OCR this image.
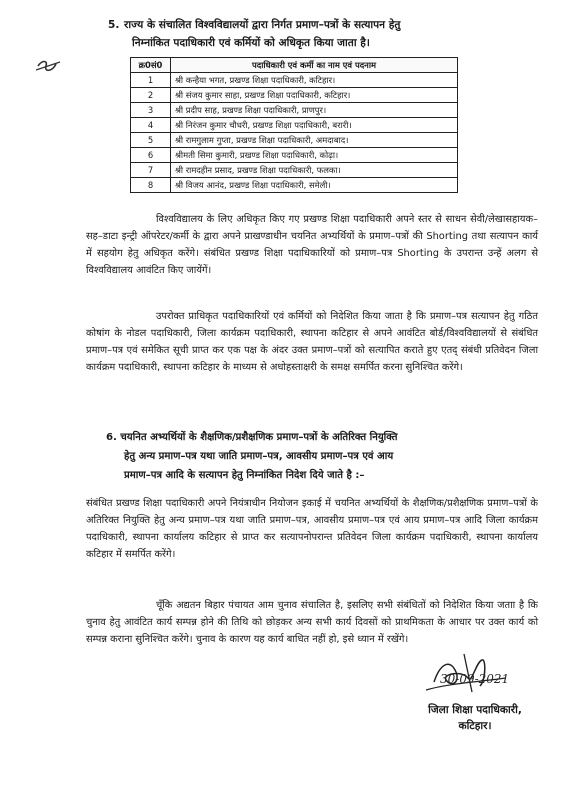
5. राज्य के संचालित विश्वविद्यालयों द्वारा निर्गत प्रमाण–पत्रों के सत्यापन हेतु
निम्नांकित पदाधिकारी एवं कर्मियों को अधिकृत किया जाता है।
क्र0सं0	पदाधिकारी एवं कर्मी का नाम एवं पदनाम
1	श्री कन्हैया भगत, प्रखण्ड शिक्षा पदाधिकारी, कटिहार।
2	श्री संजय कुमार साहा, प्रखण्ड शिक्षा पदाधिकारी, कटिहार।
3	श्री प्रदीप साह, प्रखण्ड शिक्षा पदाधिकारी, प्राणपुर।
4	श्री निरंजन कुमार चौधरी, प्रखण्ड शिक्षा पदाधिकारी, बरारी।
5	श्री रामगुलाम गुप्ता, प्रखण्ड शिक्षा पदाधिकारी, अमदाबाद।
6	श्रीमती सिमा कुमारी, प्रखण्ड शिक्षा पदाधिकारी, कोढ़ा।
7	श्री रामदहीन प्रसाद, प्रखण्ड शिक्षा पदाधिकारी, फलका।
8	श्री विजय आनंद, प्रखण्ड शिक्षा पदाधिकारी, समेली।
विश्वविद्यालय के लिए अधिकृत किए गए प्रखण्ड शिक्षा पदाधिकारी अपने स्तर से साधन सेवी/लेखासहायक–सह–डाटा इन्ट्री ऑपरेटर/कर्मी के द्वारा अपने प्राखण्डाधीन चयनित अभ्यर्थियों के प्रमाण–पत्रों की Shorting तथा सत्यापन कार्य में सहयोग हेतु अधिकृत करेंगे। संबंधित प्रखण्ड शिक्षा पदाधिकारियों को प्रमाण–पत्र Shorting के उपरान्त उन्हें अलग से विश्वविद्यालय आवंटित किए जायेंगें।
उपरोक्त प्राधिकृत पदाधिकारियों एवं कर्मियों को निदेशित किया जाता है कि प्रमाण–पत्र सत्यापन हेतु गठित कोषांग के नोडल पदाधिकारी, जिला कार्यक्रम पदाधिकारी, स्थापना कटिहार से अपने आवंटित बोर्ड/विश्वविद्यालयों से संबंधित प्रमाण–पत्र एवं समेकित सूची प्राप्त कर एक पक्ष के अंदर उक्त प्रमाण–पत्रों को सत्यापित कराते हुए एतद् संबंधी प्रतिवेदन जिला कार्यक्रम पदाधिकारी, स्थापना कटिहार के माध्यम से अधोहस्ताक्षरी के समक्ष समर्पित करना सुनिश्चित करेंगे।
6. चयनित अभ्यर्थियों के शैक्षणिक/प्रशैक्षणिक प्रमाण–पत्रों के अतिरिक्त नियुक्ति
हेतु अन्य प्रमाण–पत्र यथा जाति प्रमाण–पत्र, आवसीय प्रमाण–पत्र एवं आय
प्रमाण–पत्र आदि के सत्यापन हेतु निम्नांकित निदेश दिये जाते है :–
संबंधित प्रखण्ड शिक्षा पदाधिकारी अपने नियंत्राधीन नियोजन इकाई में चयनित अभ्यर्थियों के शैक्षणिक/प्रशैक्षणिक प्रमाण–पत्रों के अतिरिक्त नियुक्ति हेतु अन्य प्रमाण–पत्र यथा जाति प्रमाण–पत्र, आवसीय प्रमाण–पत्र एवं आय प्रमाण–पत्र आदि जिला कार्यक्रम पदाधिकारी, स्थापना कार्यालय कटिहार से प्राप्त कर सत्यापनोपरान्त प्रतिवेदन जिला कार्यक्रम पदाधिकारी, स्थापना कार्यालय कटिहार में समर्पित करेंगे।
चूँकि अद्यतन बिहार पंचायत आम चुनाव संचालित है, इसलिए सभी संबंधितों को निदेशित किया जताा है कि चुनाव हेतु आवंटित कार्य सम्पन्न होने की तिथि को छोड़कर अन्य सभी कार्य दिवसों को प्राथमिकता के आधार पर उक्त कार्य को सम्पन्न कराना सुनिश्चित करेंगे। चुनाव के कारण यह कार्य बाधित नहीं हो, इसे ध्यान में रखेंगे।
30-09-2021
जिला शिक्षा पदाधिकारी,
कटिहार।
